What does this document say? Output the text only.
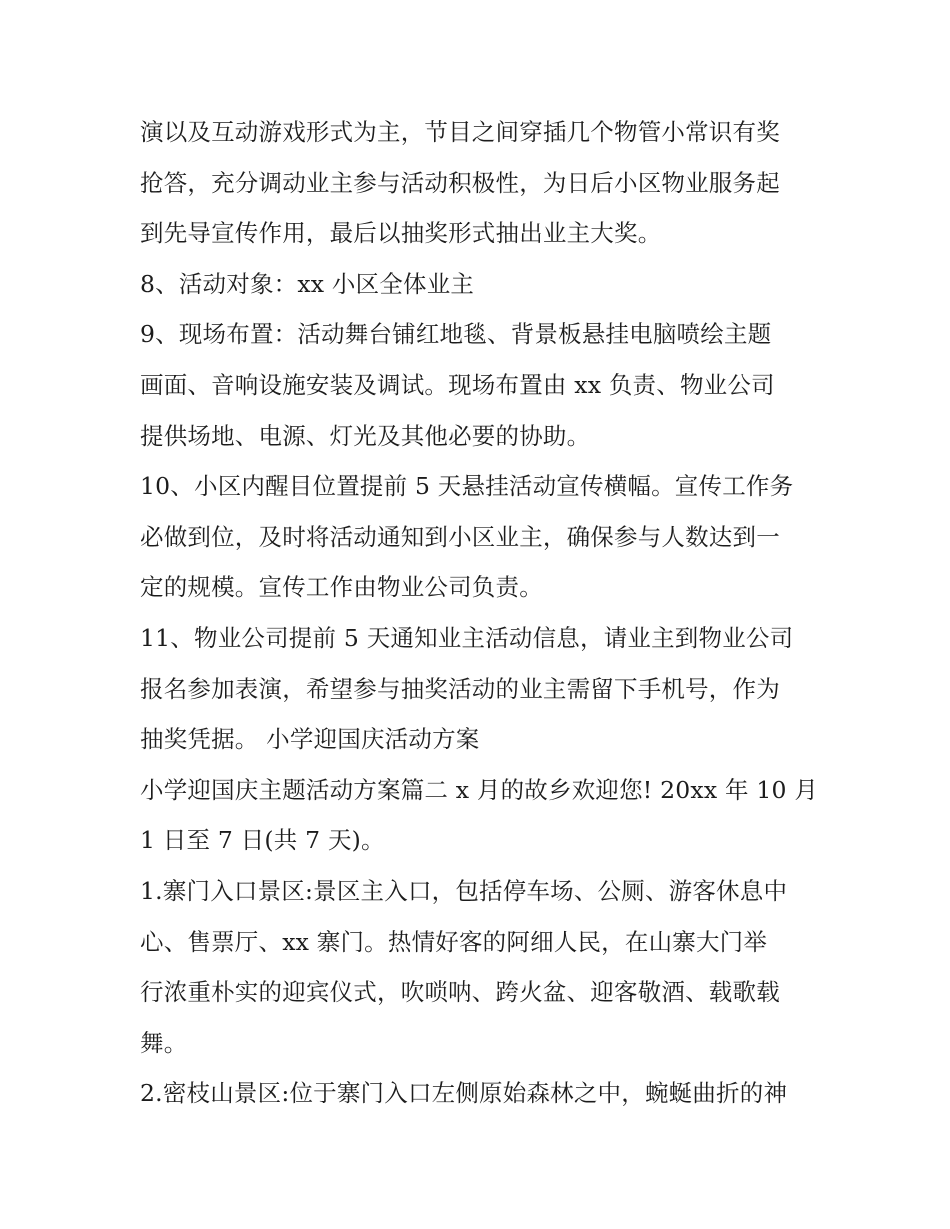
演以及互动游戏形式为主，节目之间穿插几个物管小常识有奖
抢答，充分调动业主参与活动积极性，为日后小区物业服务起
到先导宣传作用，最后以抽奖形式抽出业主大奖。
8、活动对象：xx 小区全体业主
9、现场布置：活动舞台铺红地毯、背景板悬挂电脑喷绘主题
画面、音响设施安装及调试。现场布置由 xx 负责、物业公司
提供场地、电源、灯光及其他必要的协助。
10、小区内醒目位置提前 5 天悬挂活动宣传横幅。宣传工作务
必做到位，及时将活动通知到小区业主，确保参与人数达到一
定的规模。宣传工作由物业公司负责。
11、物业公司提前 5 天通知业主活动信息，请业主到物业公司
报名参加表演，希望参与抽奖活动的业主需留下手机号，作为
抽奖凭据。 小学迎国庆活动方案
小学迎国庆主题活动方案篇二 x 月的故乡欢迎您! 20xx 年 10 月
1 日至 7 日(共 7 天)。
1.寨门入口景区:景区主入口，包括停车场、公厕、游客休息中
心、售票厅、xx 寨门。热情好客的阿细人民，在山寨大门举
行浓重朴实的迎宾仪式，吹唢呐、跨火盆、迎客敬酒、载歌载
舞。
2.密枝山景区:位于寨门入口左侧原始森林之中，蜿蜒曲折的神
